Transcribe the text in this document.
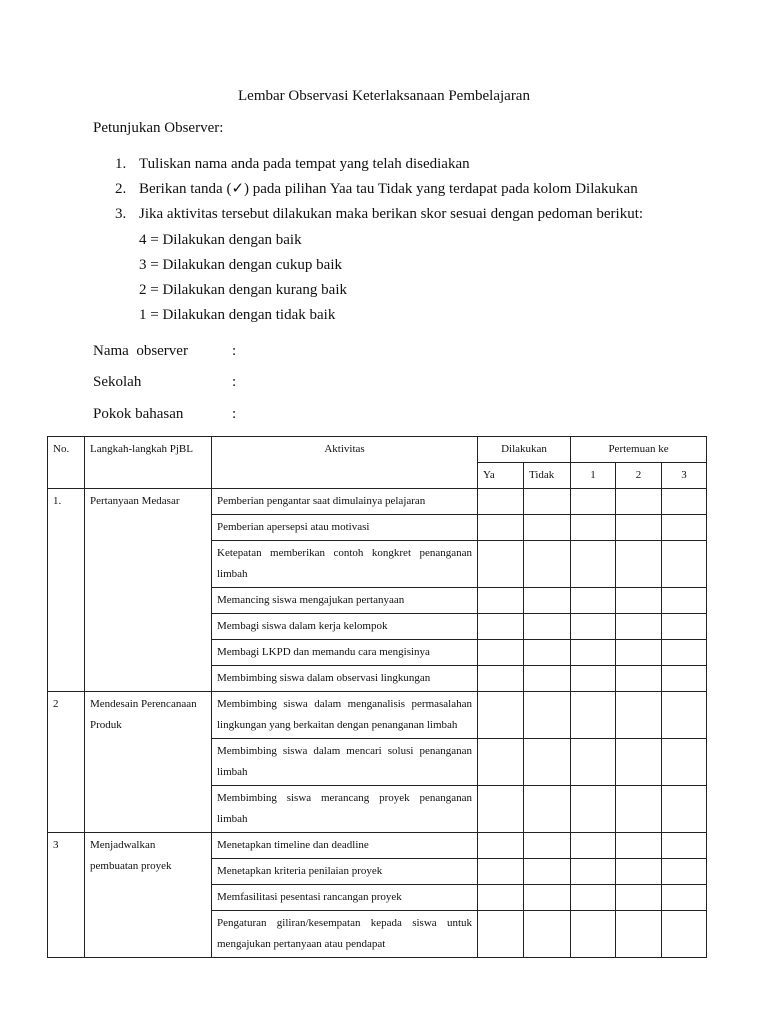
Lembar Observasi Keterlaksanaan Pembelajaran
Petunjukan Observer:
1. Tuliskan nama anda pada tempat yang telah disediakan
2. Berikan tanda (✓) pada pilihan Yaa tau Tidak yang terdapat pada kolom Dilakukan
3. Jika aktivitas tersebut dilakukan maka berikan skor sesuai dengan pedoman berikut:
4 = Dilakukan dengan baik
3 = Dilakukan dengan cukup baik
2 = Dilakukan dengan kurang baik
1 = Dilakukan dengan tidak baik
Nama  observer	:
Sekolah	:
Pokok bahasan	:
No.	Langkah-langkah PjBL	Aktivitas	Dilakukan		Pertemuan ke		
			Ya	Tidak	1	2	3
1.	Pertanyaan Medasar	Pemberian pengantar saat dimulainya pelajaran					
		Pemberian apersepsi atau motivasi					
		Ketepatan memberikan contoh kongkret penanganan limbah					
		Memancing siswa mengajukan pertanyaan					
		Membagi siswa dalam kerja kelompok					
		Membagi LKPD dan memandu cara mengisinya					
		Membimbing siswa dalam observasi lingkungan					
2	Mendesain Perencanaan Produk	Membimbing siswa dalam menganalisis permasalahan lingkungan yang berkaitan dengan penanganan limbah					
		Membimbing siswa dalam mencari solusi penanganan limbah					
		Membimbing siswa merancang proyek penanganan limbah					
3	Menjadwalkan pembuatan proyek	Menetapkan timeline dan deadline					
		Menetapkan kriteria penilaian proyek					
		Memfasilitasi pesentasi rancangan proyek					
		Pengaturan giliran/kesempatan kepada siswa untuk mengajukan pertanyaan atau pendapat					
